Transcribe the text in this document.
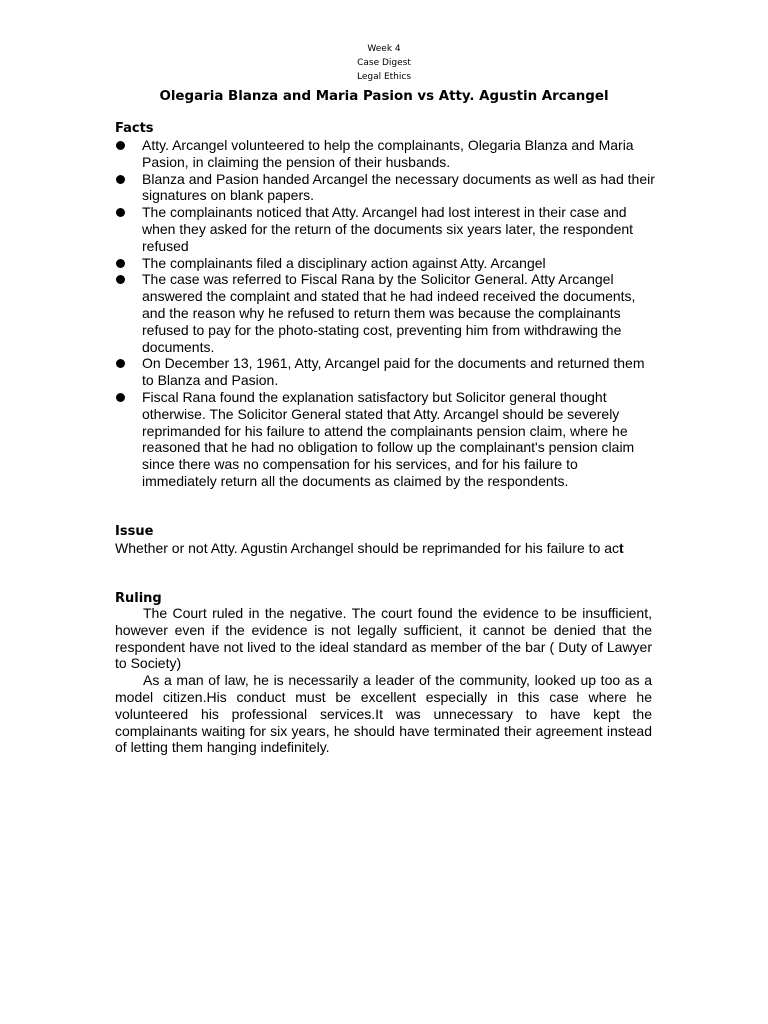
Week 4
Case Digest
Legal Ethics
Olegaria Blanza and Maria Pasion vs Atty. Agustin Arcangel
Facts
Atty. Arcangel volunteered to help the complainants, Olegaria Blanza and Maria Pasion, in claiming the pension of their husbands.
Blanza and Pasion handed Arcangel the necessary documents as well as had their signatures on blank papers.
The complainants noticed that Atty. Arcangel had lost interest in their case and when they asked for the return of the documents six years later, the respondent refused
The complainants filed a disciplinary action against Atty. Arcangel
The case was referred to Fiscal Rana by the Solicitor General. Atty Arcangel answered the complaint and stated that he had indeed received the documents, and the reason why he refused to return them was because the complainants refused to pay for the photo-stating cost, preventing him from withdrawing the documents.
On December 13, 1961, Atty, Arcangel paid for the documents and returned them to Blanza and Pasion.
Fiscal Rana found the explanation satisfactory but Solicitor general thought otherwise. The Solicitor General stated that Atty. Arcangel should be severely reprimanded for his failure to attend the complainants pension claim, where he reasoned that he had no obligation to follow up the complainant's pension claim since there was no compensation for his services, and for his failure to immediately return all the documents as claimed by the respondents.
Issue

Whether or not Atty. Agustin Archangel should be reprimanded for his failure to act

Ruling

The Court ruled in the negative. The court found the evidence to be insufficient, however even if the evidence is not legally sufficient, it cannot be denied that the respondent have not lived to the ideal standard as member of the bar ( Duty of Lawyer to Society)

As a man of law, he is necessarily a leader of the community, looked up too as a model citizen.His conduct must be excellent especially in this case where he volunteered his professional services.It was unnecessary to have kept the complainants waiting for six years, he should have terminated their agreement instead of letting them hanging indefinitely.
